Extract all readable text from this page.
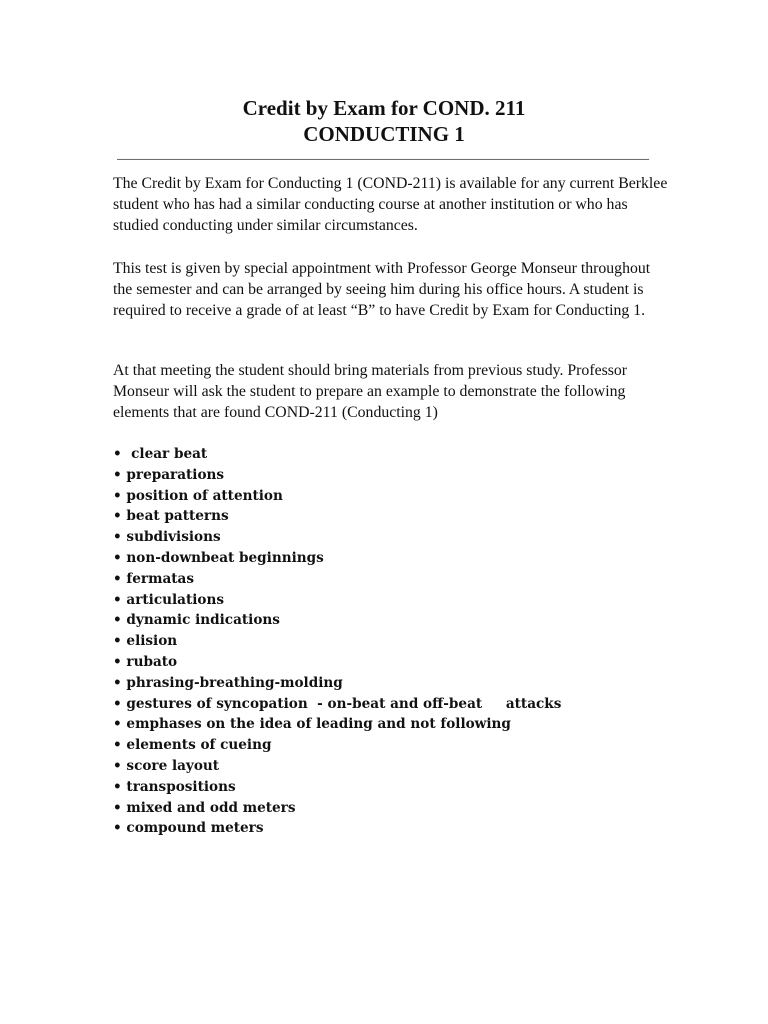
Credit by Exam for COND. 211
CONDUCTING 1
____________________________________________________________________________

The Credit by Exam for Conducting 1 (COND-211) is available for any current Berklee student who has had a similar conducting course at another institution or who has studied conducting under similar circumstances.

This test is given by special appointment with Professor George Monseur throughout the semester and can be arranged by seeing him during his office hours. A student is required to receive a grade of at least “B” to have Credit by Exam for Conducting 1.

At that meeting the student should bring materials from previous study. Professor Monseur will ask the student to prepare an example to demonstrate the following elements that are found COND-211 (Conducting 1)

•  clear beat
• preparations
• position of attention
• beat patterns
• subdivisions
• non-downbeat beginnings
• fermatas
• articulations
• dynamic indications
• elision
• rubato
• phrasing-breathing-molding
• gestures of syncopation  - on-beat and off-beat     attacks
• emphases on the idea of leading and not following
• elements of cueing
• score layout
• transpositions
• mixed and odd meters
• compound meters
